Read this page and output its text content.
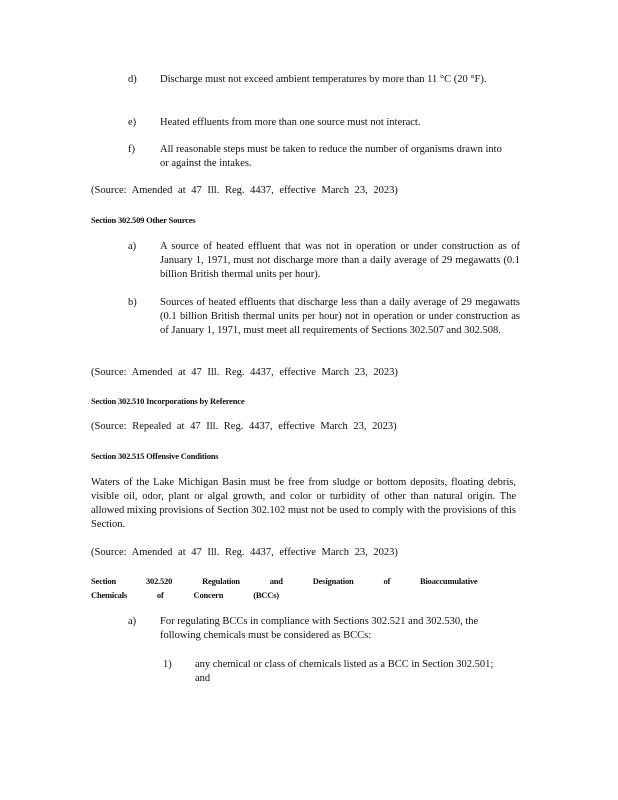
d) Discharge must not exceed ambient temperatures by more than 11 °C (20 °F).
e) Heated effluents from more than one source must not interact.
f) All reasonable steps must be taken to reduce the number of organisms drawn into or against the intakes.
(Source: Amended at 47 Ill. Reg. 4437, effective March 23, 2023)
Section 302.509 Other Sources
a) A source of heated effluent that was not in operation or under construction as of January 1, 1971, must not discharge more than a daily average of 29 megawatts (0.1 billion British thermal units per hour).
b) Sources of heated effluents that discharge less than a daily average of 29 megawatts (0.1 billion British thermal units per hour) not in operation or under construction as of January 1, 1971, must meet all requirements of Sections 302.507 and 302.508.
(Source: Amended at 47 Ill. Reg. 4437, effective March 23, 2023)
Section 302.510 Incorporations by Reference
(Source: Repealed at 47 Ill. Reg. 4437, effective March 23, 2023)
Section 302.515 Offensive Conditions
Waters of the Lake Michigan Basin must be free from sludge or bottom deposits, floating debris, visible oil, odor, plant or algal growth, and color or turbidity of other than natural origin. The allowed mixing provisions of Section 302.102 must not be used to comply with the provisions of this Section.
(Source: Amended at 47 Ill. Reg. 4437, effective March 23, 2023)
Section 302.520 Regulation and Designation of Bioaccumulative Chemicals of Concern (BCCs)
a) For regulating BCCs in compliance with Sections 302.521 and 302.530, the following chemicals must be considered as BCCs:
1) any chemical or class of chemicals listed as a BCC in Section 302.501; and
